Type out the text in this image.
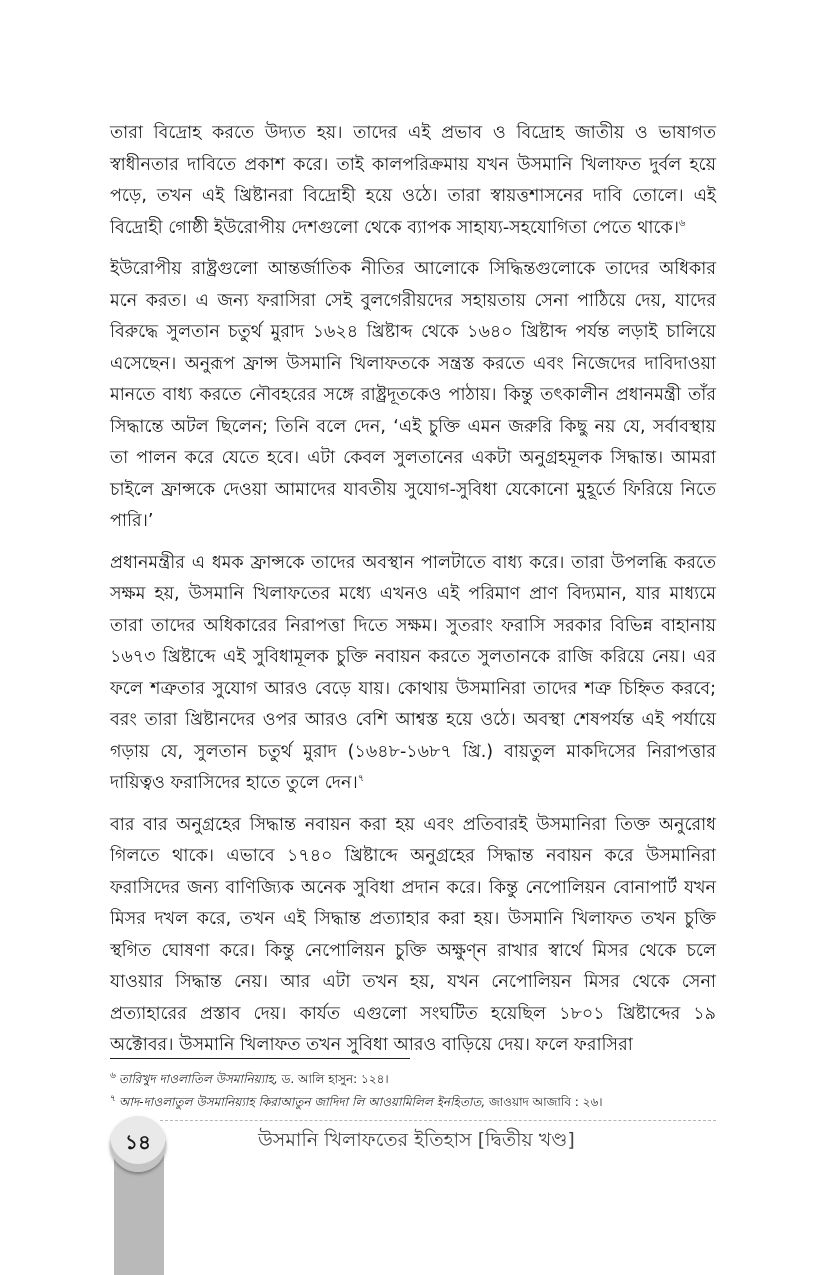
তারা বিদ্রোহ করতে উদ্যত হয়। তাদের এই প্রভাব ও বিদ্রোহ জাতীয় ও ভাষাগত স্বাধীনতার দাবিতে প্রকাশ করে। তাই কালপরিক্রমায় যখন উসমানি খিলাফত দুর্বল হয়ে পড়ে, তখন এই খ্রিষ্টানরা বিদ্রোহী হয়ে ওঠে। তারা স্বায়ত্তশাসনের দাবি তোলে। এই বিদ্রোহী গোষ্ঠী ইউরোপীয় দেশগুলো থেকে ব্যাপক সাহায্য-সহযোগিতা পেতে থাকে।$^৬$

ইউরোপীয় রাষ্ট্রগুলো আন্তর্জাতিক নীতির আলোকে সিদ্ধিন্তগুলোকে তাদের অধিকার মনে করত। এ জন্য ফরাসিরা সেই বুলগেরীয়দের সহায়তায় সেনা পাঠিয়ে দেয়, যাদের বিরুদ্ধে সুলতান চতুর্থ মুরাদ ১৬২৪ খ্রিষ্টাব্দ থেকে ১৬৪০ খ্রিষ্টাব্দ পর্যন্ত লড়াই চালিয়ে এসেছেন। অনুরূপ ফ্রান্স উসমানি খিলাফতকে সন্ত্রস্ত করতে এবং নিজেদের দাবিদাওয়া মানতে বাধ্য করতে নৌবহরের সঙ্গে রাষ্ট্রদূতকেও পাঠায়। কিন্তু তৎকালীন প্রধানমন্ত্রী তাঁর সিদ্ধান্তে অটল ছিলেন; তিনি বলে দেন, ‘এই চুক্তি এমন জরুরি কিছু নয় যে, সর্বাবস্থায় তা পালন করে যেতে হবে। এটা কেবল সুলতানের একটা অনুগ্রহমূলক সিদ্ধান্ত। আমরা চাইলে ফ্রান্সকে দেওয়া আমাদের যাবতীয় সুযোগ-সুবিধা যেকোনো মুহূর্তে ফিরিয়ে নিতে পারি।’

প্রধানমন্ত্রীর এ ধমক ফ্রান্সকে তাদের অবস্থান পালটাতে বাধ্য করে। তারা উপলব্ধি করতে সক্ষম হয়, উসমানি খিলাফতের মধ্যে এখনও এই পরিমাণ প্রাণ বিদ্যমান, যার মাধ্যমে তারা তাদের অধিকারের নিরাপত্তা দিতে সক্ষম। সুতরাং ফরাসি সরকার বিভিন্ন বাহানায় ১৬৭৩ খ্রিষ্টাব্দে এই সুবিধামূলক চুক্তি নবায়ন করতে সুলতানকে রাজি করিয়ে নেয়। এর ফলে শত্রুতার সুযোগ আরও বেড়ে যায়। কোথায় উসমানিরা তাদের শত্রু চিহ্নিত করবে; বরং তারা খ্রিষ্টানদের ওপর আরও বেশি আশ্বস্ত হয়ে ওঠে। অবস্থা শেষপর্যন্ত এই পর্যায়ে গড়ায় যে, সুলতান চতুর্থ মুরাদ (১৬৪৮-১৬৮৭ খ্রি.) বায়তুল মাকদিসের নিরাপত্তার দায়িত্বও ফরাসিদের হাতে তুলে দেন।$^৭$

বার বার অনুগ্রহের সিদ্ধান্ত নবায়ন করা হয় এবং প্রতিবারই উসমানিরা তিক্ত অনুরোধ গিলতে থাকে। এভাবে ১৭৪০ খ্রিষ্টাব্দে অনুগ্রহের সিদ্ধান্ত নবায়ন করে উসমানিরা ফরাসিদের জন্য বাণিজ্যিক অনেক সুবিধা প্রদান করে। কিন্তু নেপোলিয়ন বোনাপার্ট যখন মিসর দখল করে, তখন এই সিদ্ধান্ত প্রত্যাহার করা হয়। উসমানি খিলাফত তখন চুক্তি স্থগিত ঘোষণা করে। কিন্তু নেপোলিয়ন চুক্তি অক্ষুণ্ন রাখার স্বার্থে মিসর থেকে চলে যাওয়ার সিদ্ধান্ত নেয়। আর এটা তখন হয়, যখন নেপোলিয়ন মিসর থেকে সেনা প্রত্যাহারের প্রস্তাব দেয়। কার্যত এগুলো সংঘটিত হয়েছিল ১৮০১ খ্রিষ্টাব্দের ১৯ অক্টোবর। উসমানি খিলাফত তখন সুবিধা আরও বাড়িয়ে দেয়। ফলে ফরাসিরা

$^৬$ তারিখুদ দাওলাতিল উসমানিয়্যাহ, ড. আলি হাসুন: ১২৪।
$^৭$ আদ-দাওলাতুল উসমানিয়্যাহ কিরাআতুন জাদিদা লি আওয়ামিলিল ইনহিতাত, জাওয়াদ আজাবি : ২৬।
১৪	উসমানি খিলাফতের ইতিহাস [দ্বিতীয় খণ্ড]
